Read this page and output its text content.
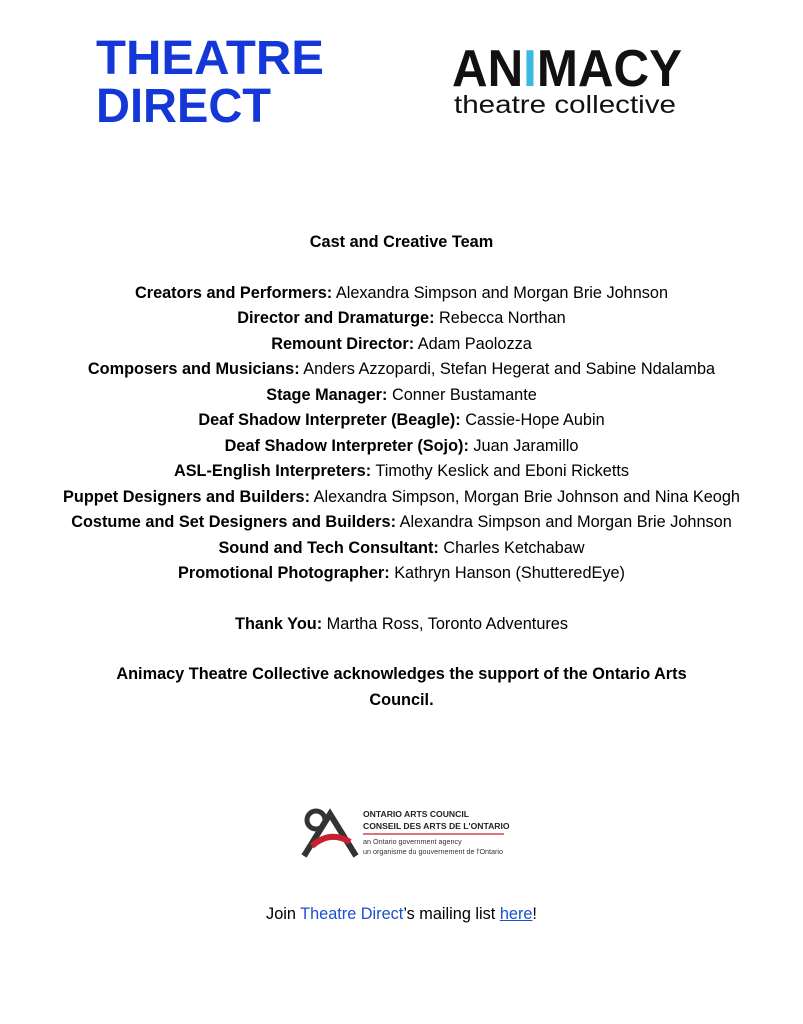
THEATRE
DIRECT
ANIMACY
theatre collective

Cast and Creative Team

Creators and Performers: Alexandra Simpson and Morgan Brie Johnson

Director and Dramaturge: Rebecca Northan

Remount Director: Adam Paolozza

Composers and Musicians: Anders Azzopardi, Stefan Hegerat and Sabine Ndalamba

Stage Manager: Conner Bustamante

Deaf Shadow Interpreter (Beagle): Cassie-Hope Aubin

Deaf Shadow Interpreter (Sojo): Juan Jaramillo

ASL-English Interpreters: Timothy Keslick and Eboni Ricketts

Puppet Designers and Builders: Alexandra Simpson, Morgan Brie Johnson and Nina Keogh

Costume and Set Designers and Builders: Alexandra Simpson and Morgan Brie Johnson

Sound and Tech Consultant: Charles Ketchabaw

Promotional Photographer: Kathryn Hanson (ShutteredEye)

Thank You: Martha Ross, Toronto Adventures

Animacy Theatre Collective acknowledges the support of the Ontario Arts Council.

ONTARIO ARTS COUNCIL
CONSEIL DES ARTS DE L'ONTARIO
an Ontario government agency
un organisme du gouvernement de l'Ontario

Join Theatre Direct’s mailing list here!
